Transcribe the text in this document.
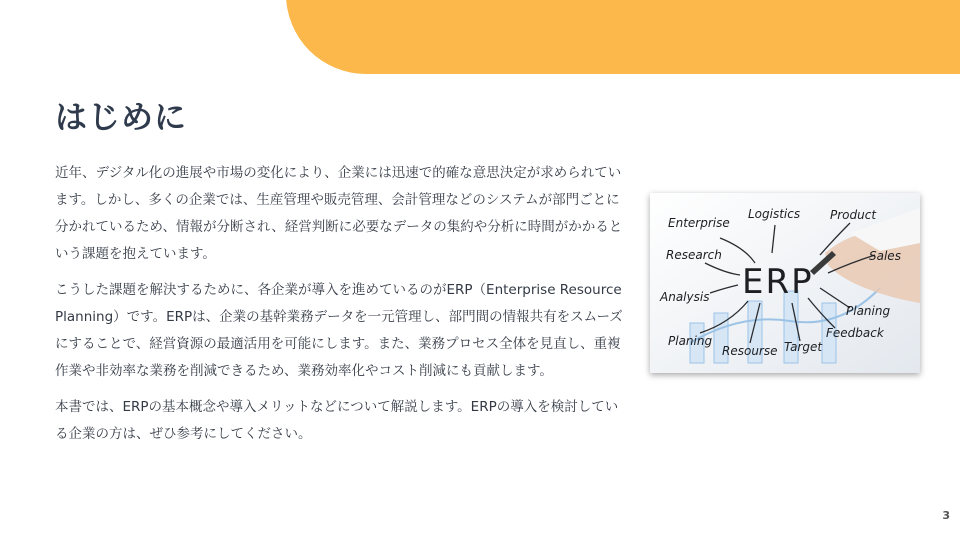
はじめに

近年、デジタル化の進展や市場の変化により、企業には迅速で的確な意思決定が求められています。しかし、多くの企業では、生産管理や販売管理、会計管理などのシステムが部門ごとに分かれているため、情報が分断され、経営判断に必要なデータの集約や分析に時間がかかるという課題を抱えています。

こうした課題を解決するために、各企業が導入を進めているのがERP（Enterprise Resource Planning）です。ERPは、企業の基幹業務データを一元管理し、部門間の情報共有をスムーズにすることで、経営資源の最適活用を可能にします。また、業務プロセス全体を見直し、重複作業や非効率な業務を削減できるため、業務効率化やコスト削減にも貢献します。

本書では、ERPの基本概念や導入メリットなどについて解説します。ERPの導入を検討している企業の方は、ぜひ参考にしてください。

ERP
Enterprise
Logistics Product
Research	Sales
Analysis
Planing
Feedback
Planing
Resourse Target
3
